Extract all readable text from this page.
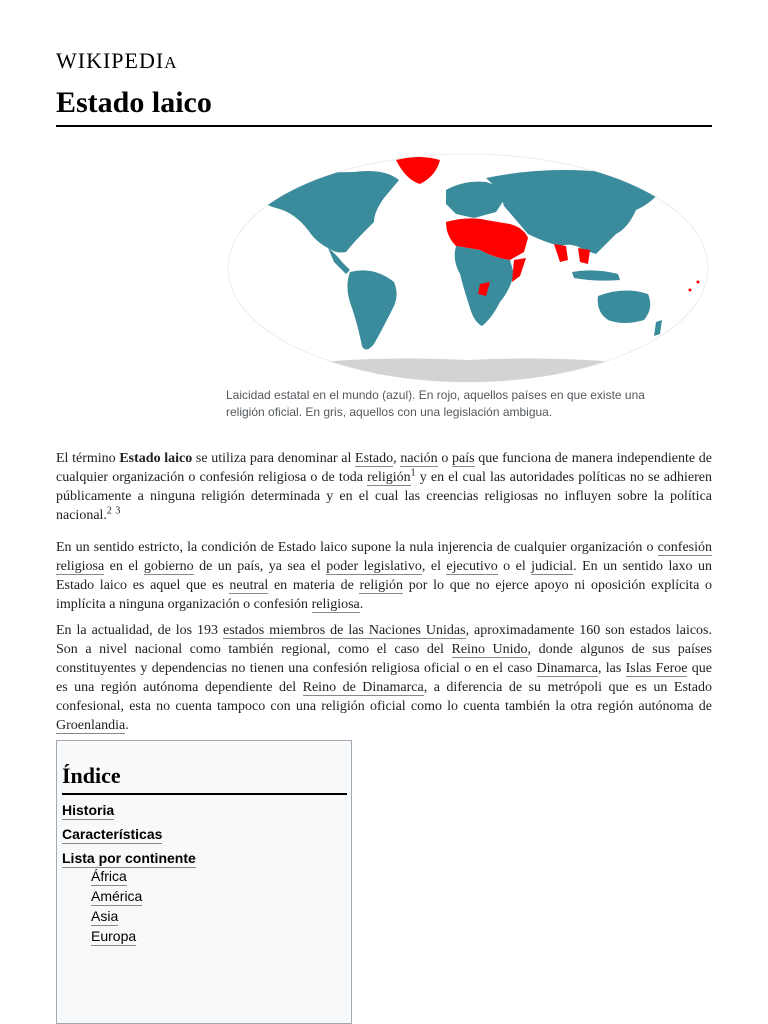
WIKIPEDIA
Estado laico
Laicidad estatal en el mundo (azul). En rojo, aquellos países en que existe una religión oficial. En gris, aquellos con una legislación ambigua.

El término Estado laico se utiliza para denominar al Estado, nación o país que funciona de manera independiente de cualquier organización o confesión religiosa o de toda religión$^1$ y en el cual las autoridades políticas no se adhieren públicamente a ninguna religión determinada y en el cual las creencias religiosas no influyen sobre la política nacional.$^2$ $^3$

En un sentido estricto, la condición de Estado laico supone la nula injerencia de cualquier organización o confesión religiosa en el gobierno de un país, ya sea el poder legislativo, el ejecutivo o el judicial. En un sentido laxo un Estado laico es aquel que es neutral en materia de religión por lo que no ejerce apoyo ni oposición explícita o implícita a ninguna organización o confesión religiosa.

En la actualidad, de los 193 estados miembros de las Naciones Unidas, aproximadamente 160 son estados laicos. Son a nivel nacional como también regional, como el caso del Reino Unido, donde algunos de sus países constituyentes y dependencias no tienen una confesión religiosa oficial o en el caso Dinamarca, las Islas Feroe que es una región autónoma dependiente del Reino de Dinamarca, a diferencia de su metrópoli que es un Estado confesional, esta no cuenta tampoco con una religión oficial como lo cuenta también la otra región autónoma de Groenlandia.

Índice
Historia
Características
Lista por continente
África
América
Asia
Europa
